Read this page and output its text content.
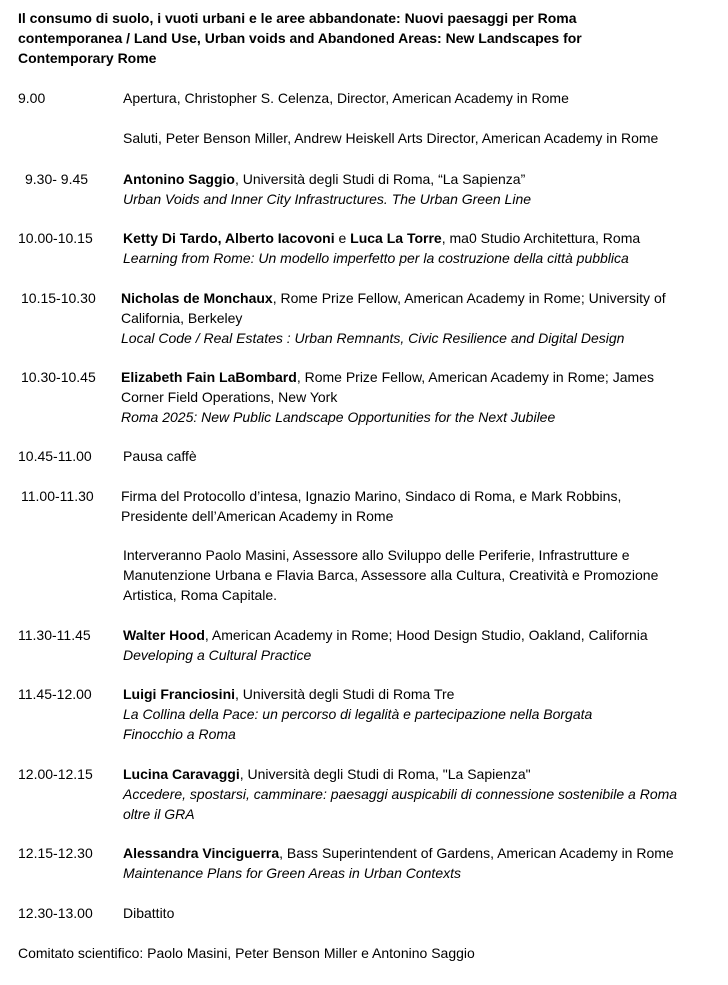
Il consumo di suolo, i vuoti urbani e le aree abbandonate: Nuovi paesaggi per Roma
contemporanea / Land Use, Urban voids and Abandoned Areas: New Landscapes for
Contemporary Rome
9.00	Apertura, Christopher S. Celenza, Director, American Academy in Rome
Saluti, Peter Benson Miller, Andrew Heiskell Arts Director, American Academy in Rome
9.30- 9.45 Antonino Saggio, Università degli Studi di Roma, “La Sapienza”
Urban Voids and Inner City Infrastructures. The Urban Green Line
10.00-10.15 Ketty Di Tardo, Alberto Iacovoni e Luca La Torre, ma0 Studio Architettura, Roma
Learning from Rome: Un modello imperfetto per la costruzione della città pubblica
10.15-10.30 Nicholas de Monchaux, Rome Prize Fellow, American Academy in Rome; University of
California, Berkeley
Local Code / Real Estates : Urban Remnants, Civic Resilience and Digital Design
10.30-10.45 Elizabeth Fain LaBombard, Rome Prize Fellow, American Academy in Rome; James
Corner Field Operations, New York
Roma 2025: New Public Landscape Opportunities for the Next Jubilee
10.45-11.00 Pausa caffè
11.00-11.30 Firma del Protocollo d’intesa, Ignazio Marino, Sindaco di Roma, e Mark Robbins,
Presidente dell’American Academy in Rome
Interveranno Paolo Masini, Assessore allo Sviluppo delle Periferie, Infrastrutture e
Manutenzione Urbana e Flavia Barca, Assessore alla Cultura, Creatività e Promozione
Artistica, Roma Capitale.
11.30-11.45 Walter Hood, American Academy in Rome; Hood Design Studio, Oakland, California
Developing a Cultural Practice
11.45-12.00 Luigi Franciosini, Università degli Studi di Roma Tre
La Collina della Pace: un percorso di legalità e partecipazione nella Borgata
Finocchio a Roma
12.00-12.15 Lucina Caravaggi, Università degli Studi di Roma, "La Sapienza"
Accedere, spostarsi, camminare: paesaggi auspicabili di connessione sostenibile a Roma
oltre il GRA
12.15-12.30 Alessandra Vinciguerra, Bass Superintendent of Gardens, American Academy in Rome
Maintenance Plans for Green Areas in Urban Contexts
12.30-13.00 Dibattito
Comitato scientifico: Paolo Masini, Peter Benson Miller e Antonino Saggio
